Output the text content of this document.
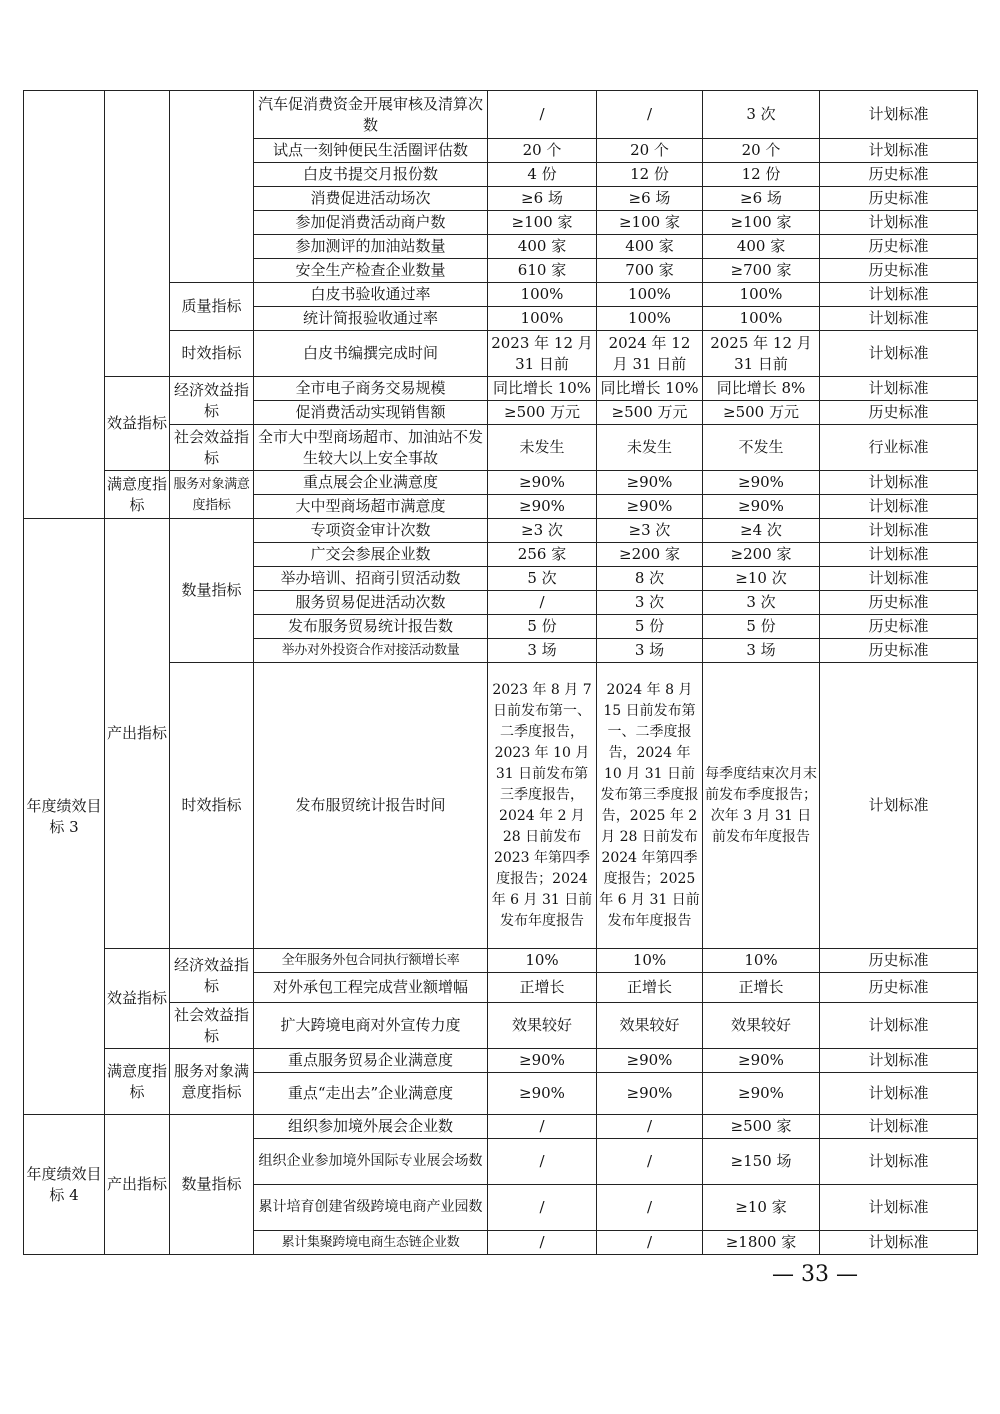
			汽车促消费资金开展审核及清算次数	/	/	3 次	计划标准
			试点一刻钟便民生活圈评估数	20 个	20 个	20 个	计划标准
			白皮书提交月报份数	4 份	12 份	12 份	历史标准
			消费促进活动场次	≥6 场	≥6 场	≥6 场	历史标准
			参加促消费活动商户数	≥100 家	≥100 家	≥100 家	计划标准
			参加测评的加油站数量	400 家	400 家	400 家	历史标准
			安全生产检查企业数量	610 家	700 家	≥700 家	历史标准
		质量指标	白皮书验收通过率	100%	100%	100%	计划标准
			统计简报验收通过率	100%	100%	100%	计划标准
		时效指标	白皮书编撰完成时间	2023 年 12 月 31 日前	2024 年 12 月 31 日前	2025 年 12 月 31 日前	计划标准
	效益指标	经济效益指标	全市电子商务交易规模	同比增长 10%	同比增长 10%	同比增长 8%	计划标准
			促消费活动实现销售额	≥500 万元	≥500 万元	≥500 万元	历史标准
		社会效益指标	全市大中型商场超市、加油站不发生较大以上安全事故	未发生	未发生	不发生	行业标准
	满意度指标	服务对象满意度指标	重点展会企业满意度	≥90%	≥90%	≥90%	计划标准
			大中型商场超市满意度	≥90%	≥90%	≥90%	计划标准
年度绩效目标 3	产出指标	数量指标	专项资金审计次数	≥3 次	≥3 次	≥4 次	计划标准
			广交会参展企业数	256 家	≥200 家	≥200 家	计划标准
			举办培训、招商引贸活动数	5 次	8 次	≥10 次	计划标准
			服务贸易促进活动次数	/	3 次	3 次	历史标准
			发布服务贸易统计报告数	5 份	5 份	5 份	历史标准
			举办对外投资合作对接活动数量	3 场	3 场	3 场	历史标准
		时效指标	发布服贸统计报告时间	2023 年 8 月 7 日前发布第一、二季度报告，2023 年 10 月 31 日前发布第三季度报告，2024 年 2 月 28 日前发布 2023 年第四季度报告；2024 年 6 月 31 日前发布年度报告	2024 年 8 月 15 日前发布第一、二季度报告，2024 年 10 月 31 日前发布第三季度报告，2025 年 2 月 28 日前发布 2024 年第四季度报告；2025 年 6 月 31 日前发布年度报告	每季度结束次月末前发布季度报告；次年 3 月 31 日前发布年度报告	计划标准
	效益指标	经济效益指标	全年服务外包合同执行额增长率	10%	10%	10%	历史标准
			对外承包工程完成营业额增幅	正增长	正增长	正增长	历史标准
		社会效益指标	扩大跨境电商对外宣传力度	效果较好	效果较好	效果较好	计划标准
	满意度指标	服务对象满意度指标	重点服务贸易企业满意度	≥90%	≥90%	≥90%	计划标准
			重点“走出去”企业满意度	≥90%	≥90%	≥90%	计划标准
年度绩效目标 4	产出指标	数量指标	组织参加境外展会企业数	/	/	≥500 家	计划标准
			组织企业参加境外国际专业展会场数	/	/	≥150 场	计划标准
			累计培育创建省级跨境电商产业园数	/	/	≥10 家	计划标准
			累计集聚跨境电商生态链企业数	/	/	≥1800 家	计划标准
— 33 —
